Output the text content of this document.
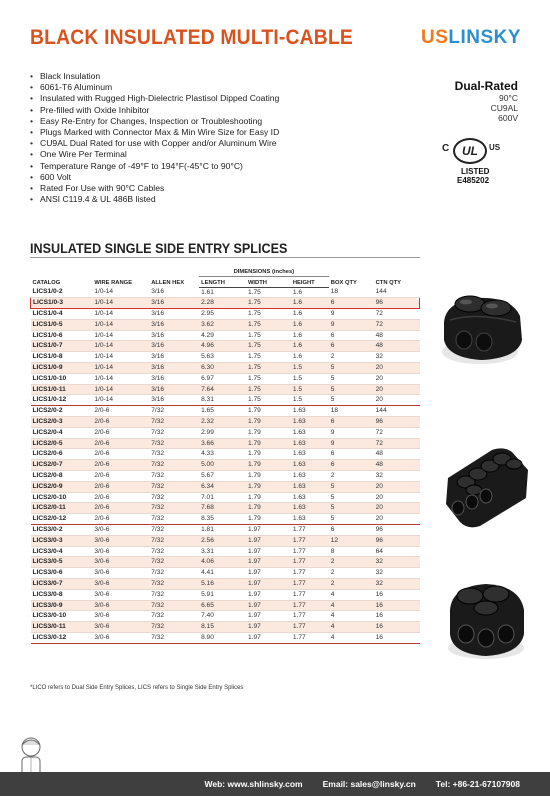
BLACK INSULATED MULTI-CABLE	USLINSKY
• Black Insulation
• 6061-T6 Aluminum
• Insulated with Rugged High-Dielectric Plastisol Dipped Coating
• Pre-filled with Oxide Inhibitor
• Easy Re-Entry for Changes, Inspection or Troubleshooting
• Plugs Marked with Connector Max & Min Wire Size for Easy ID
• CU9AL Dual Rated for use with Copper and/or Aluminum Wire
• One Wire Per Terminal
• Temperature Range of -49°F to 194°F(-45°C to 90°C)
• 600 Volt
• Rated For Use with 90°C Cables
• ANSI C119.4 & UL 486B listed
Dual-Rated
90°C
CU9AL
600V
C UL US
LISTED
E485202
INSULATED SINGLE SIDE ENTRY SPLICES
CATALOG	WIRE RANGE	ALLEN HEX	DIMENSIONS (inches)			BOX QTY	CTN QTY
			LENGTH	WIDTH	HEIGHT		
LICS1/0-2	1/0-14	3/16	1.61	1.75	1.6	18	144
LICS1/0-3	1/0-14	3/16	2.28	1.75	1.6	6	96
LICS1/0-4	1/0-14	3/16	2.95	1.75	1.6	9	72
LICS1/0-5	1/0-14	3/16	3.62	1.75	1.6	9	72
LICS1/0-6	1/0-14	3/16	4.29	1.75	1.6	6	48
LICS1/0-7	1/0-14	3/16	4.96	1.75	1.6	6	48
LICS1/0-8	1/0-14	3/16	5.63	1.75	1.6	2	32
LICS1/0-9	1/0-14	3/16	6.30	1.75	1.5	5	20
LICS1/0-10	1/0-14	3/16	6.97	1.75	1.5	5	20
LICS1/0-11	1/0-14	3/16	7.64	1.75	1.5	5	20
LICS1/0-12	1/0-14	3/16	8.31	1.75	1.5	5	20
LICS2/0-2	2/0-6	7/32	1.65	1.79	1.63	18	144
LICS2/0-3	2/0-6	7/32	2.32	1.79	1.63	6	96
LICS2/0-4	2/0-6	7/32	2.99	1.79	1.63	9	72
LICS2/0-5	2/0-6	7/32	3.66	1.79	1.63	9	72
LICS2/0-6	2/0-6	7/32	4.33	1.79	1.63	6	48
LICS2/0-7	2/0-6	7/32	5.00	1.79	1.63	6	48
LICS2/0-8	2/0-6	7/32	5.67	1.79	1.63	2	32
LICS2/0-9	2/0-6	7/32	6.34	1.79	1.63	5	20
LICS2/0-10	2/0-6	7/32	7.01	1.79	1.63	5	20
LICS2/0-11	2/0-6	7/32	7.68	1.79	1.63	5	20
LICS2/0-12	2/0-6	7/32	8.35	1.79	1.63	5	20
LICS3/0-2	3/0-6	7/32	1.81	1.97	1.77	6	96
LICS3/0-3	3/0-6	7/32	2.56	1.97	1.77	12	96
LICS3/0-4	3/0-6	7/32	3.31	1.97	1.77	8	64
LICS3/0-5	3/0-6	7/32	4.06	1.97	1.77	2	32
LICS3/0-6	3/0-6	7/32	4.41	1.97	1.77	2	32
LICS3/0-7	3/0-6	7/32	5.16	1.97	1.77	2	32
LICS3/0-8	3/0-6	7/32	5.91	1.97	1.77	4	16
LICS3/0-9	3/0-6	7/32	6.65	1.97	1.77	4	16
LICS3/0-10	3/0-6	7/32	7.40	1.97	1.77	4	16
LICS3/0-11	3/0-6	7/32	8.15	1.97	1.77	4	16
LICS3/0-12	3/0-6	7/32	8.90	1.97	1.77	4	16
*LICO refers to Dual Side Entry Splices, LICS refers to Single Side Entry Splices
Web: www.shlinsky.com Email: sales@linsky.cn Tel: +86-21-67107908
